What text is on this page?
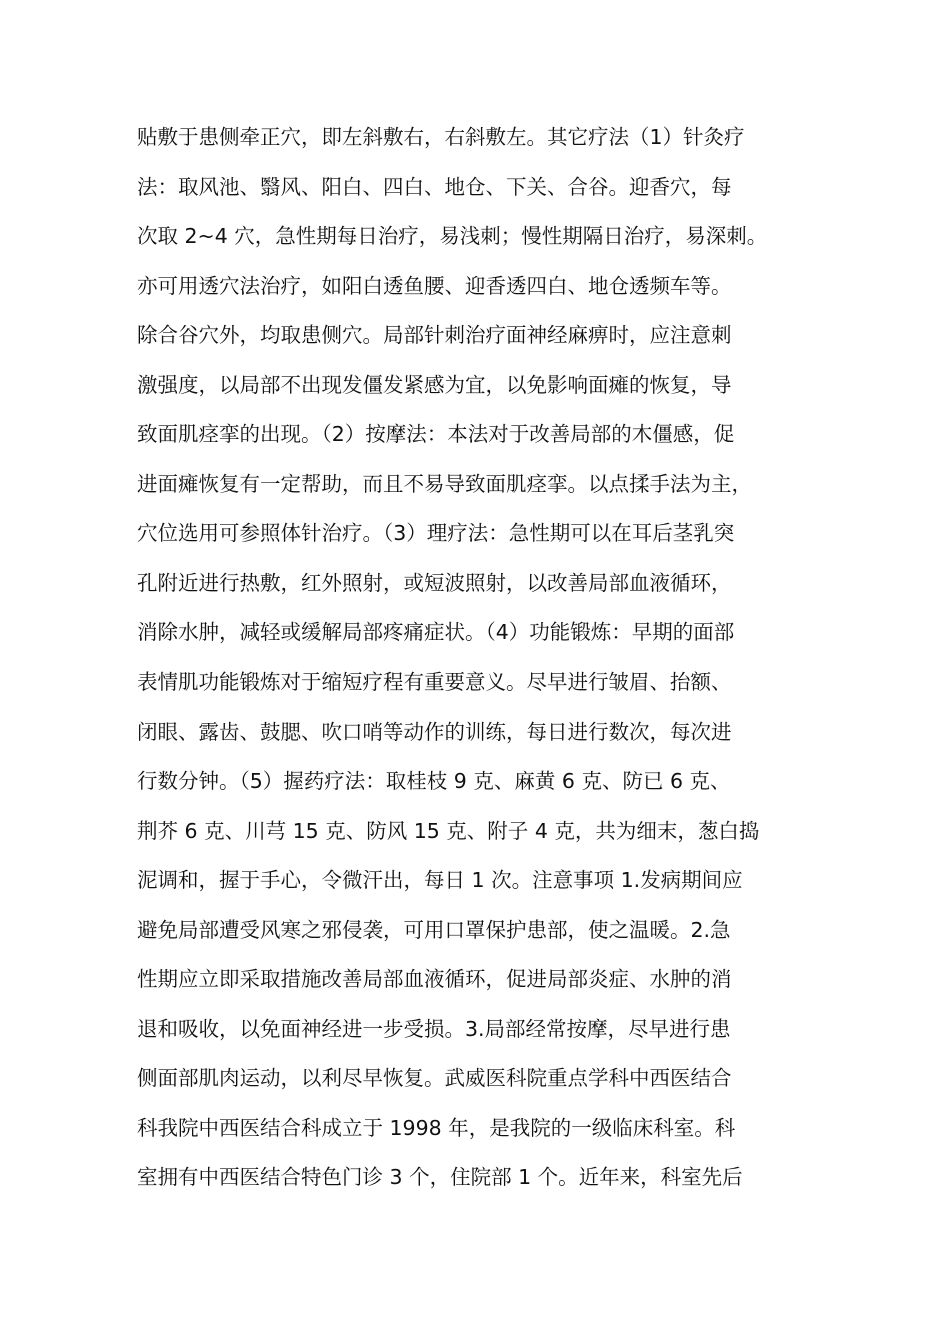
贴敷于患侧牵正穴，即左斜敷右，右斜敷左。其它疗法（1）针灸疗
法：取风池、翳风、阳白、四白、地仓、下关、合谷。迎香穴，每
次取 2~4 穴，急性期每日治疗，易浅刺；慢性期隔日治疗，易深刺。
亦可用透穴法治疗，如阳白透鱼腰、迎香透四白、地仓透频车等。
除合谷穴外，均取患侧穴。局部针刺治疗面神经麻痹时，应注意刺
激强度，以局部不出现发僵发紧感为宜，以免影响面瘫的恢复，导
致面肌痉挛的出现。（2）按摩法：本法对于改善局部的木僵感，促
进面瘫恢复有一定帮助，而且不易导致面肌痉挛。以点揉手法为主，
穴位选用可参照体针治疗。（3）理疗法：急性期可以在耳后茎乳突
孔附近进行热敷，红外照射，或短波照射，以改善局部血液循环，
消除水肿，减轻或缓解局部疼痛症状。（4）功能锻炼：早期的面部
表情肌功能锻炼对于缩短疗程有重要意义。尽早进行皱眉、抬额、
闭眼、露齿、鼓腮、吹口哨等动作的训练，每日进行数次，每次进
行数分钟。（5）握药疗法：取桂枝 9 克、麻黄 6 克、防已 6 克、
荆芥 6 克、川芎 15 克、防风 15 克、附子 4 克，共为细末，葱白捣
泥调和，握于手心，令微汗出，每日 1 次。注意事项 1.发病期间应
避免局部遭受风寒之邪侵袭，可用口罩保护患部，使之温暖。2.急
性期应立即采取措施改善局部血液循环，促进局部炎症、水肿的消
退和吸收，以免面神经进一步受损。3.局部经常按摩，尽早进行患
侧面部肌肉运动，以利尽早恢复。武威医科院重点学科中西医结合
科我院中西医结合科成立于 1998 年，是我院的一级临床科室。科
室拥有中西医结合特色门诊 3 个，住院部 1 个。近年来，科室先后
